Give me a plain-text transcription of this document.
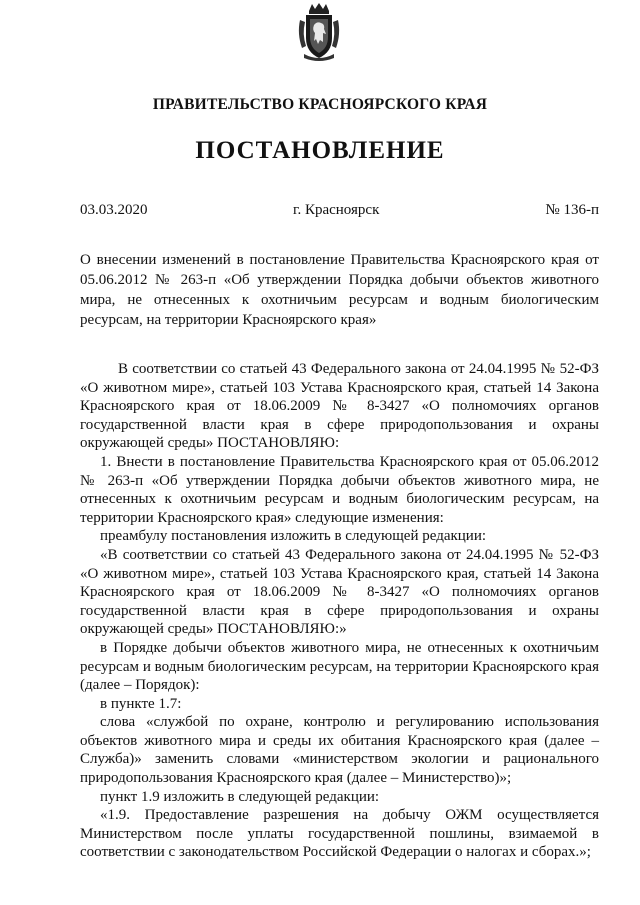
ПРАВИТЕЛЬСТВО КРАСНОЯРСКОГО КРАЯ
ПОСТАНОВЛЕНИЕ
03.03.2020	г. Красноярск	№ 136-п
О внесении изменений в постановление Правительства Красноярского края от 05.06.2012 № 263-п «Об утверждении Порядка добычи объектов животного мира, не отнесенных к охотничьим ресурсам и водным биологическим ресурсам, на территории Красноярского края»

В соответствии со статьей 43 Федерального закона от 24.04.1995 № 52-ФЗ «О животном мире», статьей 103 Устава Красноярского края, статьей 14 Закона Красноярского края от 18.06.2009 № 8-3427 «О полномочиях органов государственной власти края в сфере природопользования и охраны окружающей среды» ПОСТАНОВЛЯЮ:

1. Внести в постановление Правительства Красноярского края от 05.06.2012 № 263-п «Об утверждении Порядка добычи объектов животного мира, не отнесенных к охотничьим ресурсам и водным биологическим ресурсам, на территории Красноярского края» следующие изменения:

преамбулу постановления изложить в следующей редакции:

«В соответствии со статьей 43 Федерального закона от 24.04.1995 № 52-ФЗ «О животном мире», статьей 103 Устава Красноярского края, статьей 14 Закона Красноярского края от 18.06.2009 № 8-3427 «О полномочиях органов государственной власти края в сфере природопользования и охраны окружающей среды» ПОСТАНОВЛЯЮ:»

в Порядке добычи объектов животного мира, не отнесенных к охотничьим ресурсам и водным биологическим ресурсам, на территории Красноярского края (далее – Порядок):

в пункте 1.7:

слова «службой по охране, контролю и регулированию использования объектов животного мира и среды их обитания Красноярского края (далее – Служба)» заменить словами «министерством экологии и рационального природопользования Красноярского края (далее – Министерство)»;

пункт 1.9 изложить в следующей редакции:

«1.9. Предоставление разрешения на добычу ОЖМ осуществляется Министерством после уплаты государственной пошлины, взимаемой в соответствии с законодательством Российской Федерации о налогах и сборах.»;
